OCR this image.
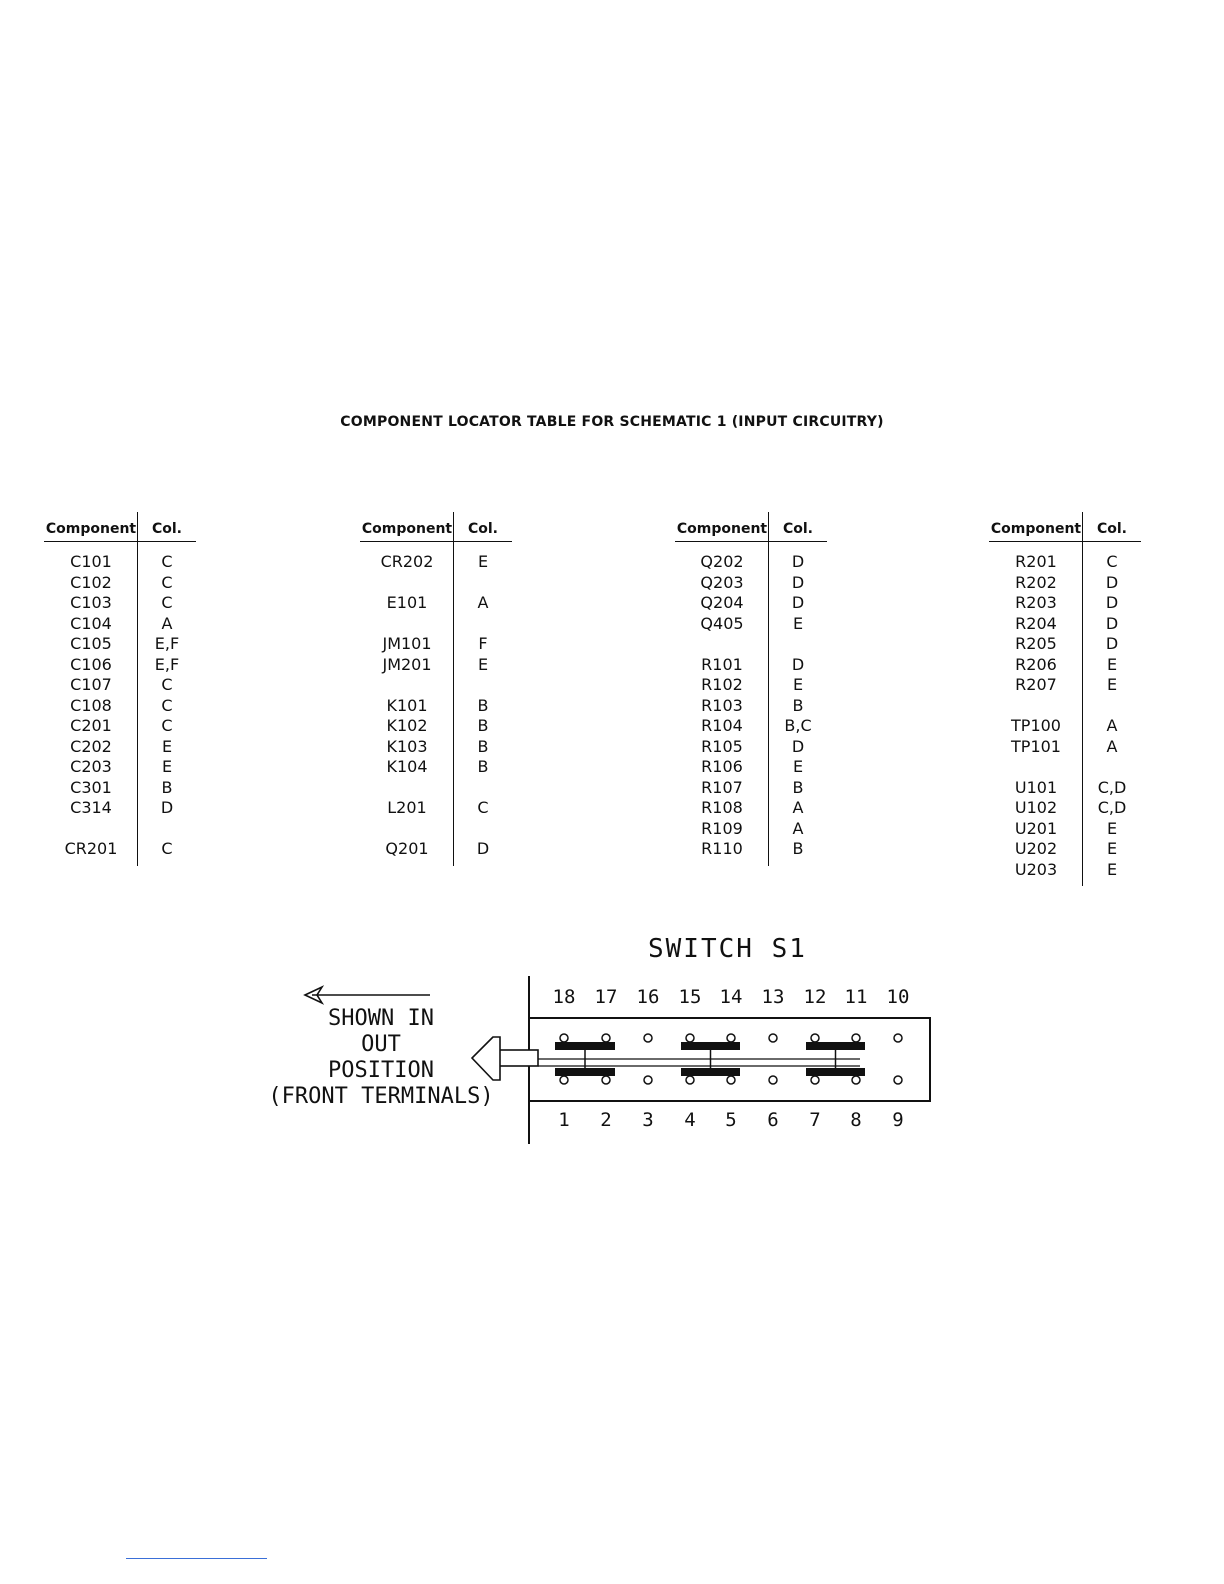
COMPONENT LOCATOR TABLE FOR SCHEMATIC 1 (INPUT CIRCUITRY)
Component	Col.
C101	C
C102	C
C103	C
C104	A
C105	E,F
C106	E,F
C107	C
C108	C
C201	C
C202	E
C203	E
C301	B
C314	D
CR201	C
Component	Col.
CR202	E
E101	A
JM101	F
JM201	E
K101	B
K102	B
K103	B
K104	B
L201	C
Q201	D
Component	Col.
Q202	D
Q203	D
Q204	D
Q405	E
R101	D
R102	E
R103	B
R104	B,C
R105	D
R106	E
R107	B
R108	A
R109	A
R110	B
Component	Col.
R201	C
R202	D
R203	D
R204	D
R205	D
R206	E
R207	E
TP100	A
TP101	A
U101	C,D
U102	C,D
U201	E
U202	E
U203	E
SWITCH S1
SHOWN IN
OUT
POSITION
(FRONT TERMINALS)
18 17 16 15 14 13 12 11 10
1	2	3	4	5	6	7	8	9
